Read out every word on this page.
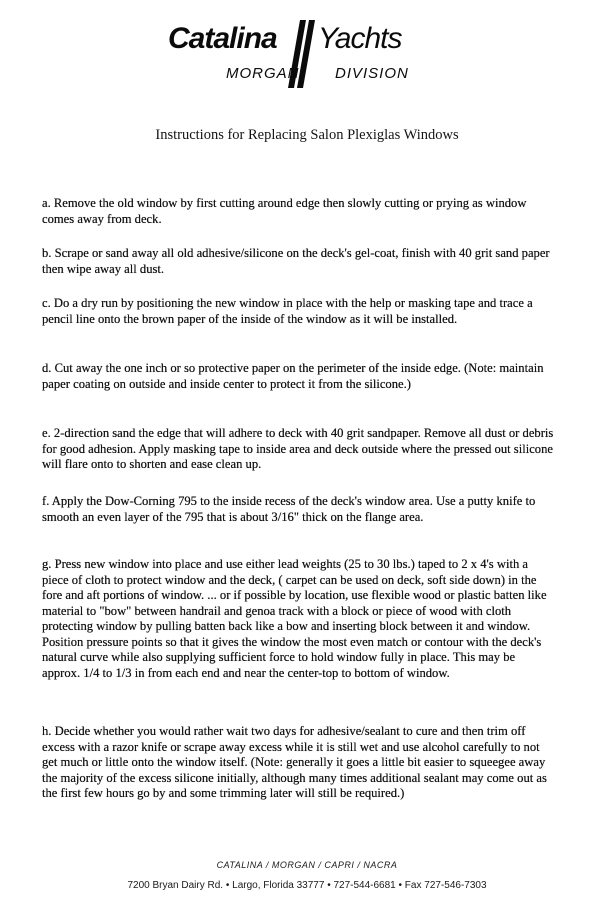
Catalina Yachts
MORGAN DIVISION
Instructions for Replacing Salon Plexiglas Windows
a. Remove the old window by first cutting around edge then slowly cutting or prying as window comes away from deck.
b. Scrape or sand away all old adhesive/silicone on the deck's gel-coat, finish with 40 grit sand paper then wipe away all dust.
c. Do a dry run by positioning the new window in place with the help or masking tape and trace a pencil line onto the brown paper of the inside of the window as it will be installed.
d. Cut away the one inch or so protective paper on the perimeter of the inside edge. (Note: maintain paper coating on outside and inside center to protect it from the silicone.)
e. 2-direction sand the edge that will adhere to deck with 40 grit sandpaper. Remove all dust or debris for good adhesion. Apply masking tape to inside area and deck outside where the pressed out silicone will flare onto to shorten and ease clean up.
f. Apply the Dow-Corning 795 to the inside recess of the deck's window area. Use a putty knife to smooth an even layer of the 795 that is about 3/16" thick on the flange area.
g. Press new window into place and use either lead weights (25 to 30 lbs.) taped to 2 x 4's with a piece of cloth to protect window and the deck, ( carpet can be used on deck, soft side down) in the fore and aft portions of window. ... or if possible by location, use flexible wood or plastic batten like material to "bow" between handrail and genoa track with a block or piece of wood with cloth protecting window by pulling batten back like a bow and inserting block between it and window. Position pressure points so that it gives the window the most even match or contour with the deck's natural curve while also supplying sufficient force to hold window fully in place. This may be approx. 1/4 to 1/3 in from each end and near the center-top to bottom of window.
h. Decide whether you would rather wait two days for adhesive/sealant to cure and then trim off excess with a razor knife or scrape away excess while it is still wet and use alcohol carefully to not get much or little onto the window itself. (Note: generally it goes a little bit easier to squeegee away the majority of the excess silicone initially, although many times additional sealant may come out as the first few hours go by and some trimming later will still be required.)
CATALINA / MORGAN / CAPRI / NACRA
7200 Bryan Dairy Rd. • Largo, Florida 33777 • 727-544-6681 • Fax 727-546-7303
